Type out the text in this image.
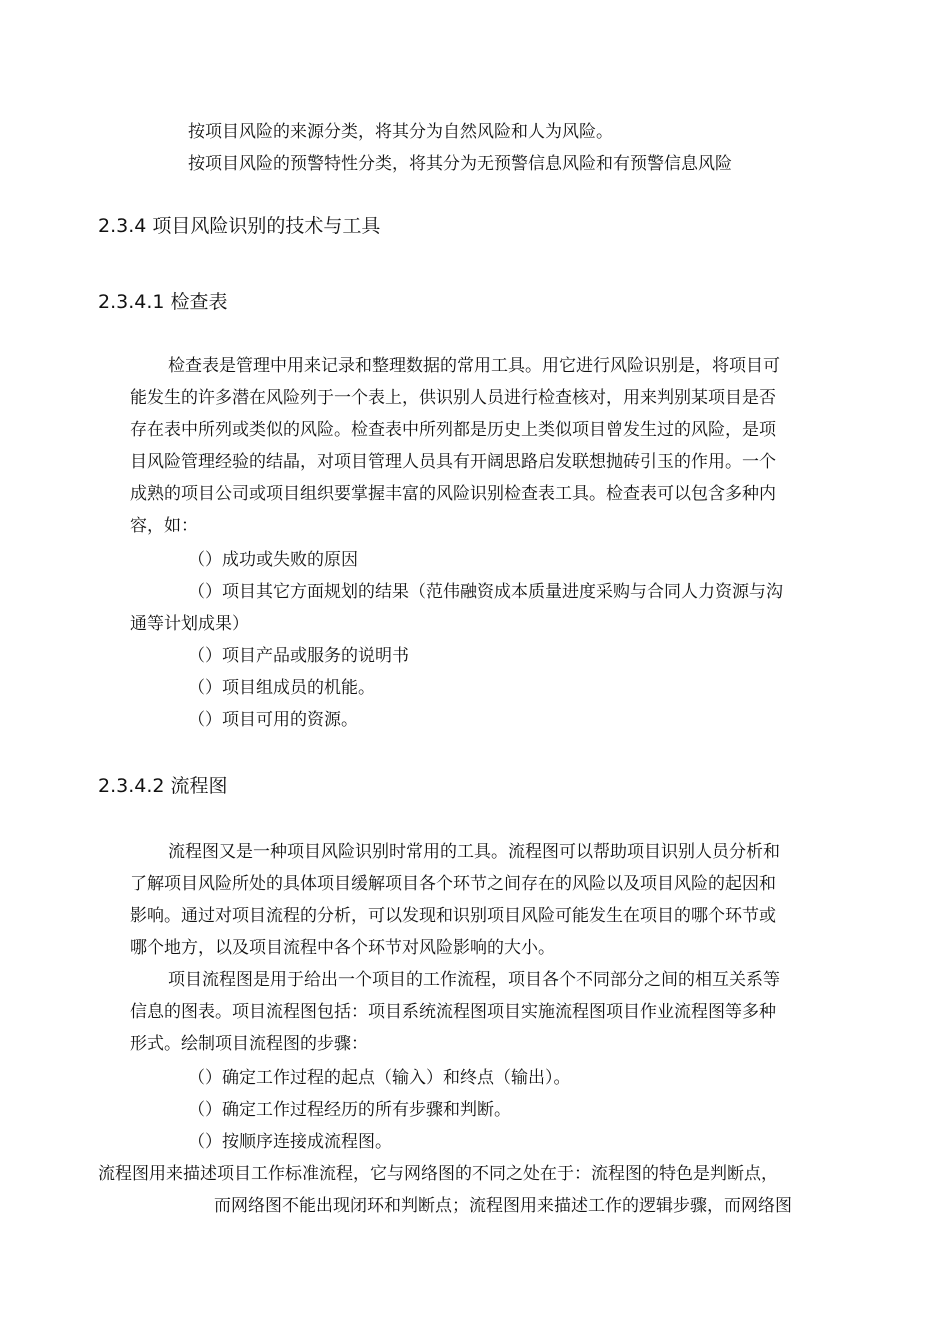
按项目风险的来源分类，将其分为自然风险和人为风险。
按项目风险的预警特性分类，将其分为无预警信息风险和有预警信息风险
2.3.4 项目风险识别的技术与工具
2.3.4.1 检查表
检查表是管理中用来记录和整理数据的常用工具。用它进行风险识别是，将项目可
能发生的许多潜在风险列于一个表上，供识别人员进行检查核对，用来判别某项目是否
存在表中所列或类似的风险。检查表中所列都是历史上类似项目曾发生过的风险，是项
目风险管理经验的结晶，对项目管理人员具有开阔思路启发联想抛砖引玉的作用。一个
成熟的项目公司或项目组织要掌握丰富的风险识别检查表工具。检查表可以包含多种内
容，如：
（）成功或失败的原因
（）项目其它方面规划的结果（范伟融资成本质量进度采购与合同人力资源与沟
通等计划成果）
（）项目产品或服务的说明书
（）项目组成员的机能。
（）项目可用的资源。
2.3.4.2 流程图
流程图又是一种项目风险识别时常用的工具。流程图可以帮助项目识别人员分析和
了解项目风险所处的具体项目缓解项目各个环节之间存在的风险以及项目风险的起因和
影响。通过对项目流程的分析，可以发现和识别项目风险可能发生在项目的哪个环节或
哪个地方，以及项目流程中各个环节对风险影响的大小。
项目流程图是用于给出一个项目的工作流程，项目各个不同部分之间的相互关系等
信息的图表。项目流程图包括：项目系统流程图项目实施流程图项目作业流程图等多种
形式。绘制项目流程图的步骤：
（）确定工作过程的起点（输入）和终点（输出）。
（）确定工作过程经历的所有步骤和判断。
（）按顺序连接成流程图。
流程图用来描述项目工作标准流程，它与网络图的不同之处在于：流程图的特色是判断点，
而网络图不能出现闭环和判断点；流程图用来描述工作的逻辑步骤，而网络图
